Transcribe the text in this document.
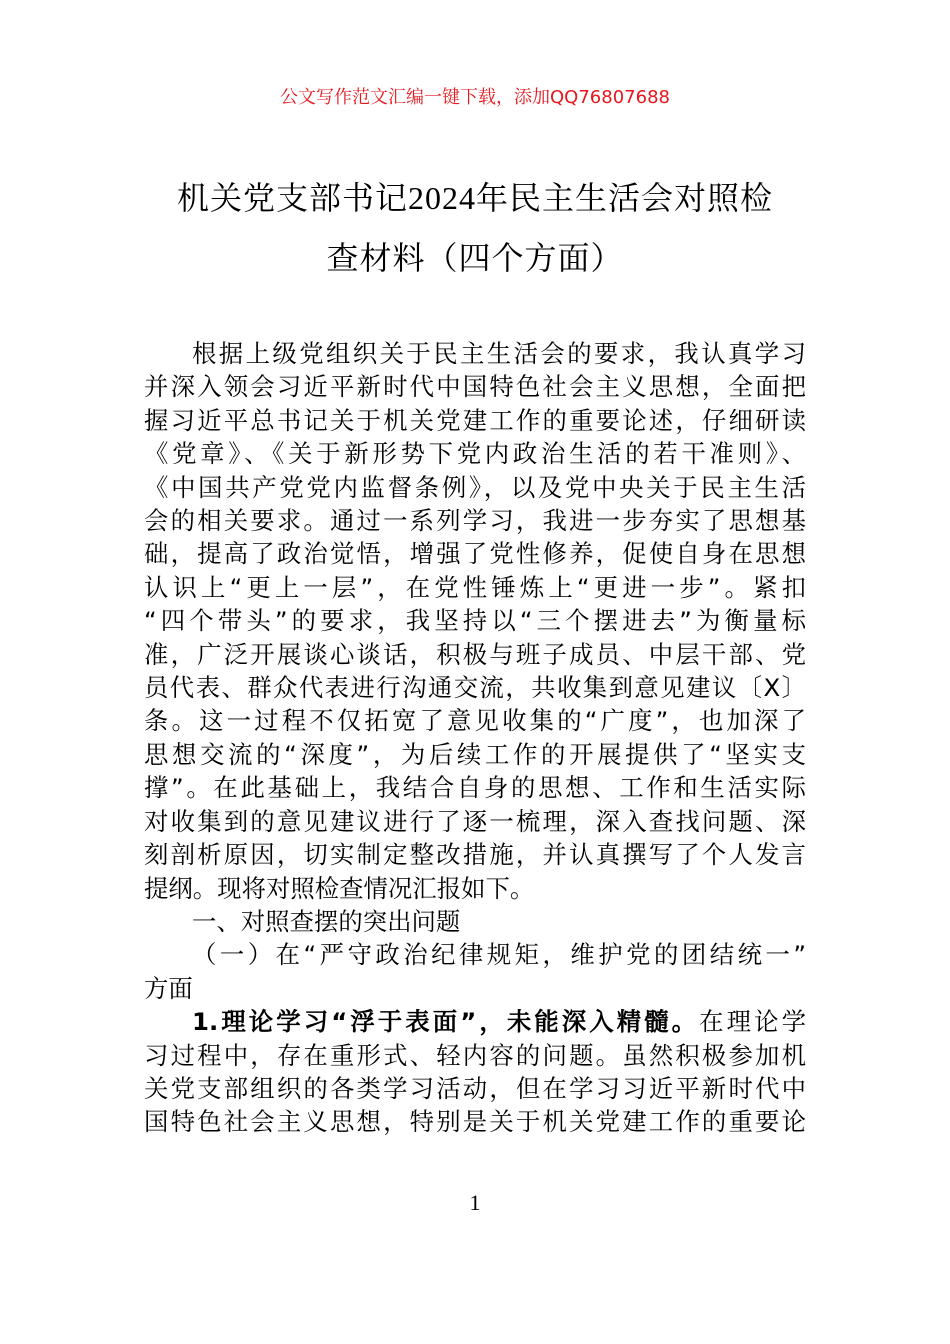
公文写作范文汇编一键下载，添加QQ76807688
机关党支部书记2024年民主生活会对照检
查材料（四个方面）
根据上级党组织关于民主生活会的要求，我认真学习
并深入领会习近平新时代中国特色社会主义思想，全面把
握习近平总书记关于机关党建工作的重要论述，仔细研读
《党章》、《关于新形势下党内政治生活的若干准则》、
《中国共产党党内监督条例》，以及党中央关于民主生活
会的相关要求。通过一系列学习，我进一步夯实了思想基
础，提高了政治觉悟，增强了党性修养，促使自身在思想
认识上“更上一层”，在党性锤炼上“更进一步”。紧扣
“四个带头”的要求，我坚持以“三个摆进去”为衡量标
准，广泛开展谈心谈话，积极与班子成员、中层干部、党
员代表、群众代表进行沟通交流，共收集到意见建议〔X〕
条。这一过程不仅拓宽了意见收集的“广度”，也加深了
思想交流的“深度”，为后续工作的开展提供了“坚实支
撑”。在此基础上，我结合自身的思想、工作和生活实际
对收集到的意见建议进行了逐一梳理，深入查找问题、深
刻剖析原因，切实制定整改措施，并认真撰写了个人发言
提纲。现将对照检查情况汇报如下。
一、对照查摆的突出问题
（一）在“严守政治纪律规矩，维护党的团结统一”
方面
1.理论学习“浮于表面”，未能深入精髓。在理论学
习过程中，存在重形式、轻内容的问题。虽然积极参加机
关党支部组织的各类学习活动，但在学习习近平新时代中
国特色社会主义思想，特别是关于机关党建工作的重要论
1
